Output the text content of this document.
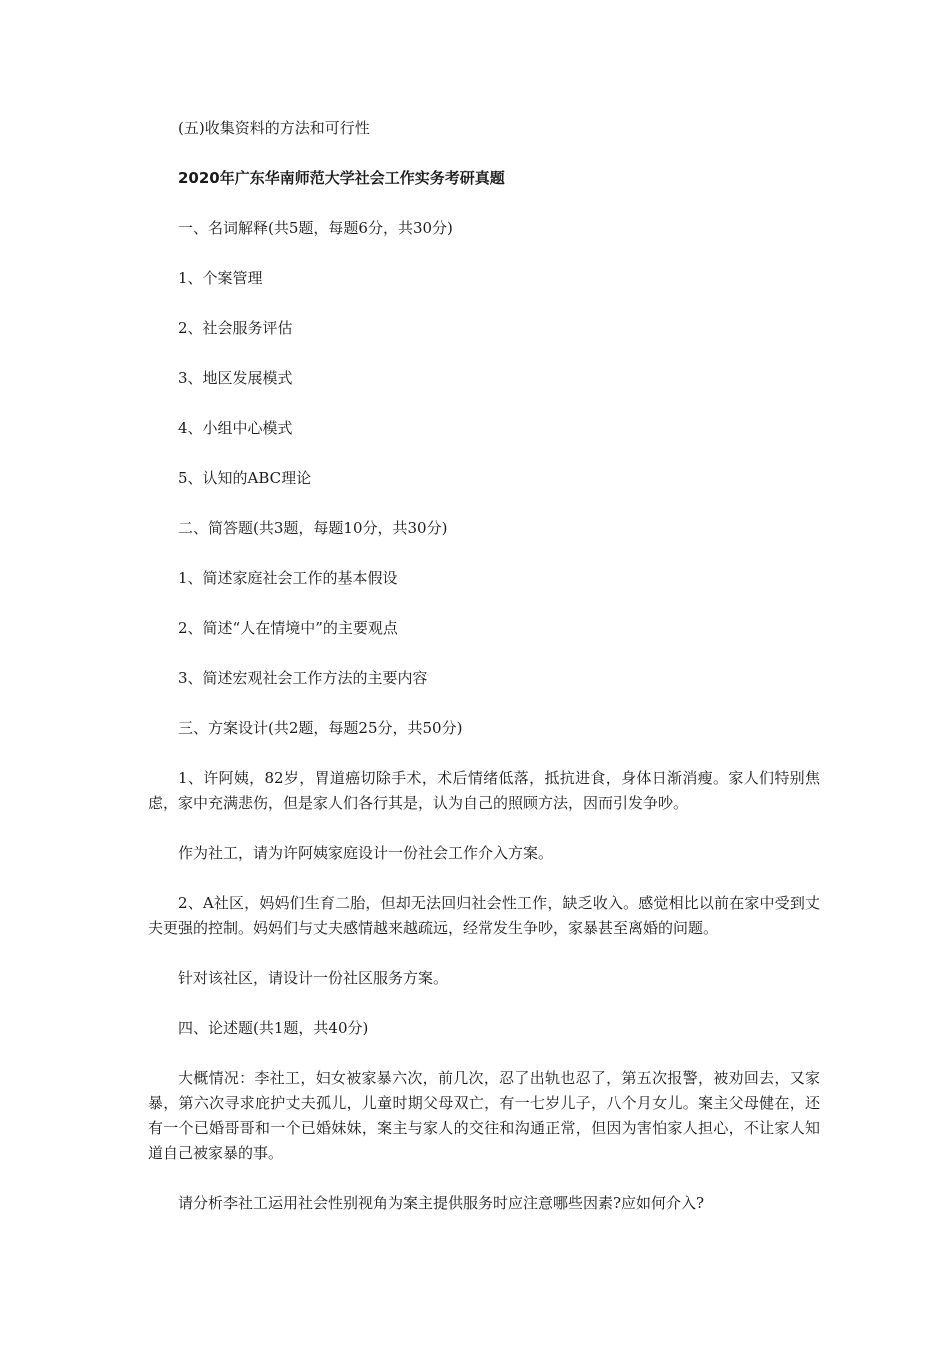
(五)收集资料的方法和可行性

2020年广东华南师范大学社会工作实务考研真题

一、名词解释(共5题，每题6分，共30分)

1、个案管理

2、社会服务评估

3、地区发展模式

4、小组中心模式

5、认知的ABC理论

二、简答题(共3题，每题10分，共30分)

1、简述家庭社会工作的基本假设

2、简述“人在情境中”的主要观点

3、简述宏观社会工作方法的主要内容

三、方案设计(共2题，每题25分，共50分)

1、许阿姨，82岁，胃道癌切除手术，术后情绪低落，抵抗进食，身体日渐消瘦。家人们特别焦虑，家中充满悲伤，但是家人们各行其是，认为自己的照顾方法，因而引发争吵。

作为社工，请为许阿姨家庭设计一份社会工作介入方案。

2、A社区，妈妈们生育二胎，但却无法回归社会性工作，缺乏收入。感觉相比以前在家中受到丈夫更强的控制。妈妈们与丈夫感情越来越疏远，经常发生争吵，家暴甚至离婚的问题。

针对该社区，请设计一份社区服务方案。

四、论述题(共1题，共40分)

大概情况：李社工，妇女被家暴六次，前几次，忍了出轨也忍了，第五次报警，被劝回去，又家暴，第六次寻求庇护丈夫孤儿，儿童时期父母双亡，有一七岁儿子，八个月女儿。案主父母健在，还有一个已婚哥哥和一个已婚妹妹，案主与家人的交往和沟通正常，但因为害怕家人担心，不让家人知道自己被家暴的事。

请分析李社工运用社会性别视角为案主提供服务时应注意哪些因素?应如何介入?
